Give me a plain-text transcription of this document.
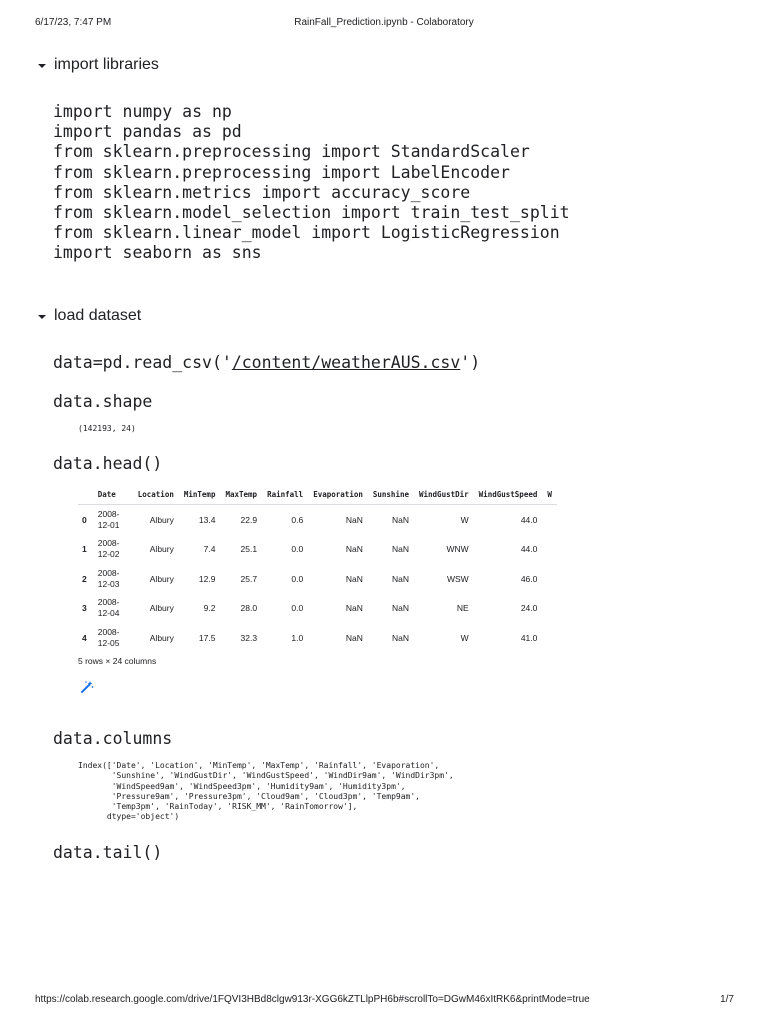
6/17/23, 7:47 PM	RainFall_Prediction.ipynb - Colaboratory
import libraries
import numpy as np
import pandas as pd
from sklearn.preprocessing import StandardScaler
from sklearn.preprocessing import LabelEncoder
from sklearn.metrics import accuracy_score
from sklearn.model_selection import train_test_split
from sklearn.linear_model import LogisticRegression
import seaborn as sns
load dataset
data=pd.read_csv('/content/weatherAUS.csv')
data.shape
(142193, 24)
data.head()
	Date	Location	MinTemp	MaxTemp	Rainfall	Evaporation	Sunshine	WindGustDir	WindGustSpeed	W
0	2008-12-01	Albury	13.4	22.9	0.6	NaN	NaN	W	44.0	
1	2008-12-02	Albury	7.4	25.1	0.0	NaN	NaN	WNW	44.0	
2	2008-12-03	Albury	12.9	25.7	0.0	NaN	NaN	WSW	46.0	
3	2008-12-04	Albury	9.2	28.0	0.0	NaN	NaN	NE	24.0	
4	2008-12-05	Albury	17.5	32.3	1.0	NaN	NaN	W	41.0	
5 rows × 24 columns
data.columns
Index(['Date', 'Location', 'MinTemp', 'MaxTemp', 'Rainfall', 'Evaporation',
'Sunshine', 'WindGustDir', 'WindGustSpeed', 'WindDir9am', 'WindDir3pm',
'WindSpeed9am', 'WindSpeed3pm', 'Humidity9am', 'Humidity3pm',
'Pressure9am', 'Pressure3pm', 'Cloud9am', 'Cloud3pm', 'Temp9am',
'Temp3pm', 'RainToday', 'RISK_MM', 'RainTomorrow'],
dtype='object')
data.tail()
https://colab.research.google.com/drive/1FQVI3HBd8clgw913r-XGG6kZTLlpPH6b#scrollTo=DGwM46xItRK6&printMode=true	1/7
